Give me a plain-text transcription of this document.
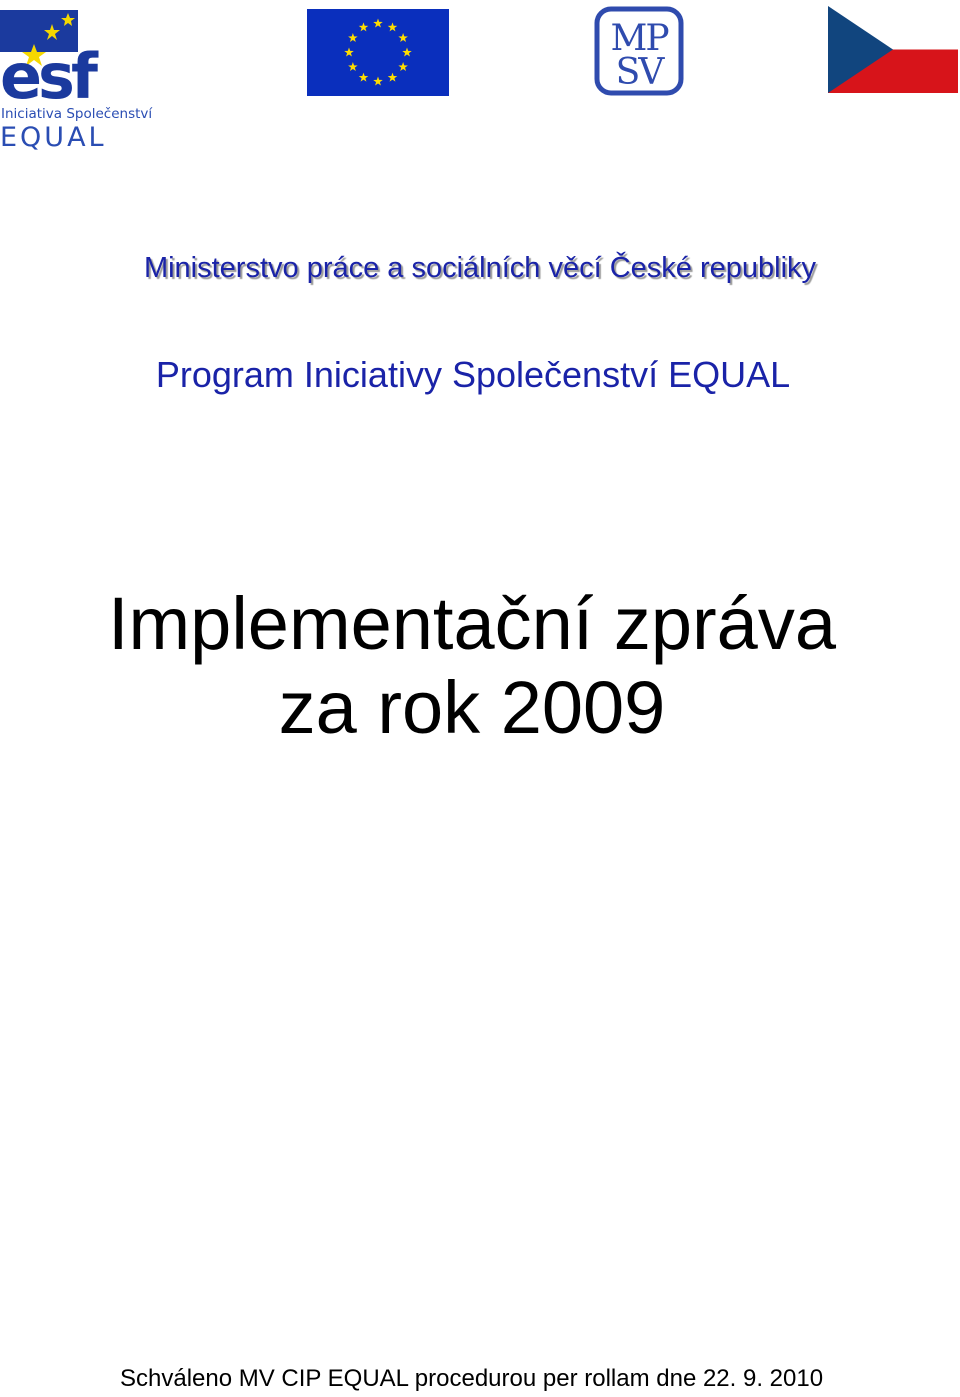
esf
Iniciativa Společenství
EQUAL
MP
SV
Ministerstvo práce a sociálních věcí České republiky
Program Iniciativy Společenství EQUAL
Implementační zpráva
za rok 2009
Schváleno MV CIP EQUAL procedurou per rollam dne 22. 9. 2010
